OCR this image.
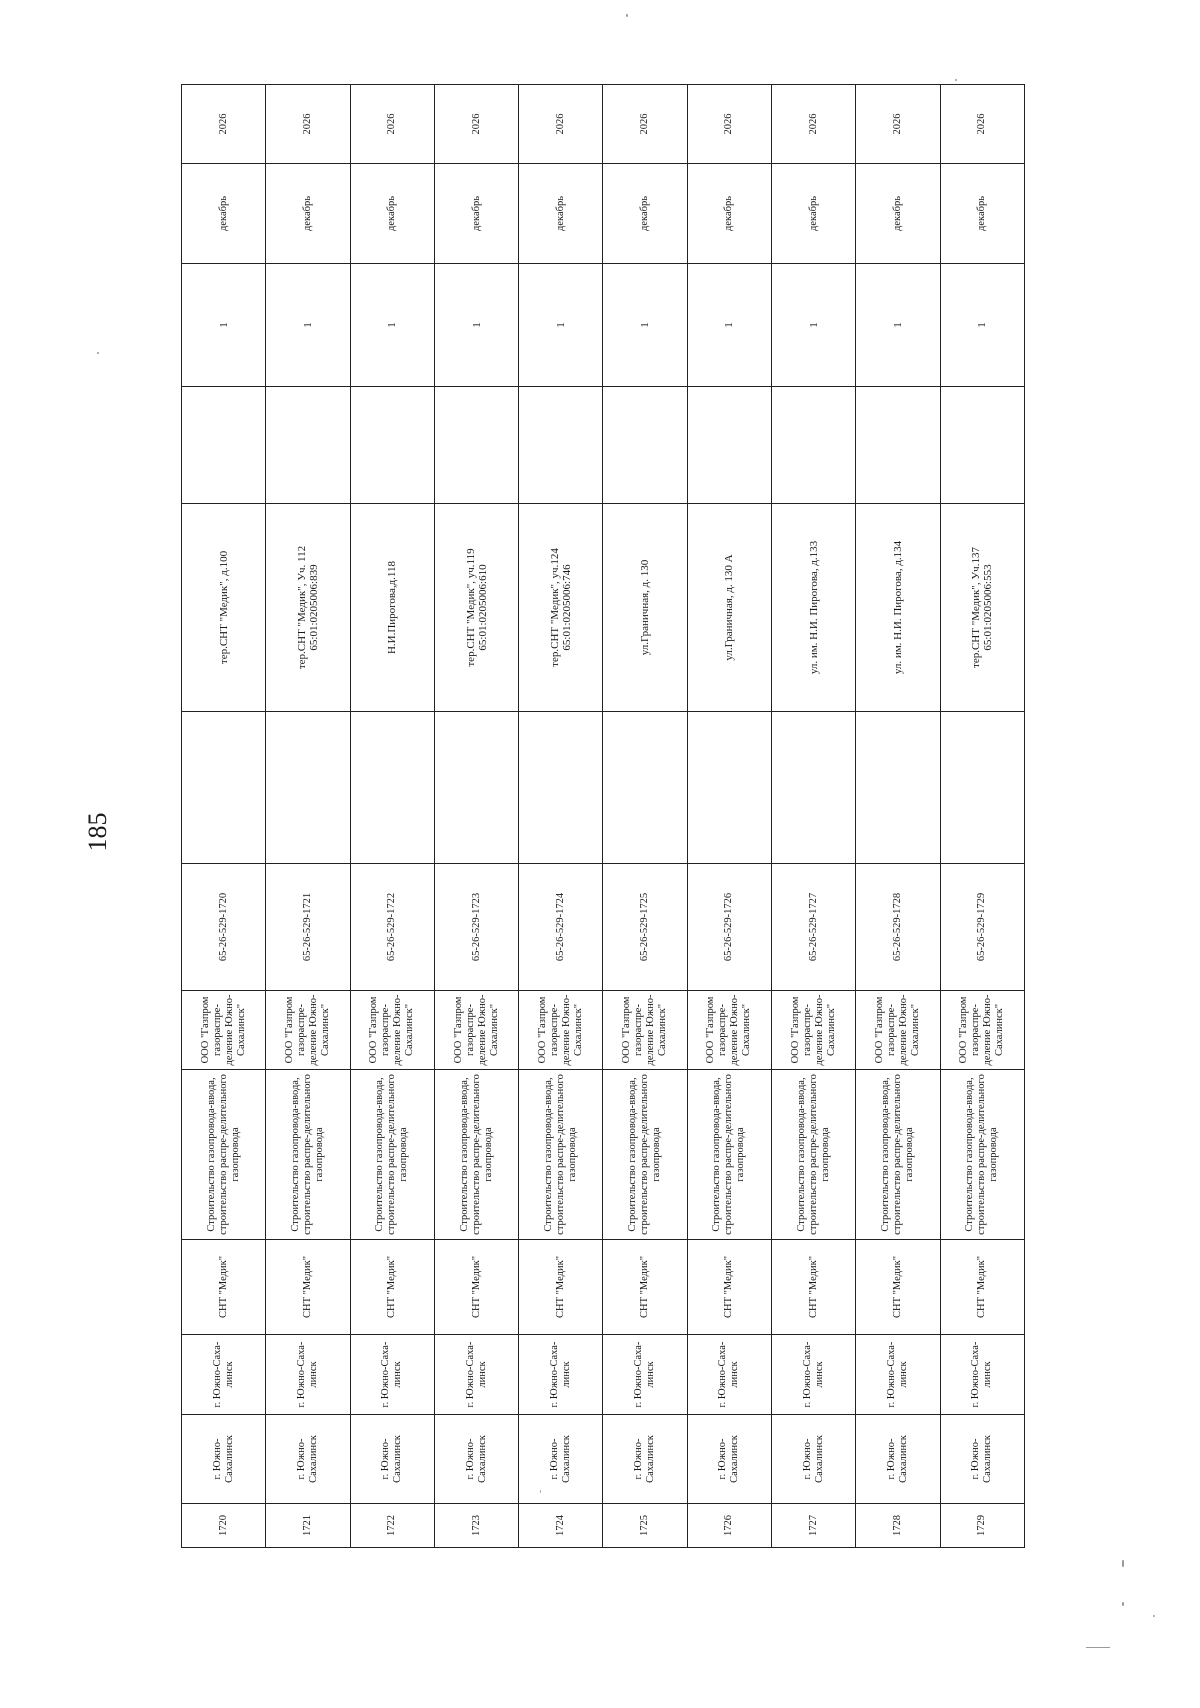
185
1720	г. Южно-Сахалинск	г. Южно-Саха-линск	СНТ "Медик"	Строительство газопровода-ввода, строительство распре-делительного газопровода	ООО "Газпром газораспре-деление Южно-Сахалинск"	65-26-529-1720		тер.СНТ "Медик", д.100		1	декабрь	2026
1721	г. Южно-Сахалинск	г. Южно-Саха-линск	СНТ "Медик"	Строительство газопровода-ввода, строительство распре-делительного газопровода	ООО "Газпром газораспре-деление Южно-Сахалинск"	65-26-529-1721		тер.СНТ "Медик", Уч. 112 65:01:0205006:839		1	декабрь	2026
1722	г. Южно-Сахалинск	г. Южно-Саха-линск	СНТ "Медик"	Строительство газопровода-ввода, строительство распре-делительного газопровода	ООО "Газпром газораспре-деление Южно-Сахалинск"	65-26-529-1722		Н.И.Пирогова,д.118		1	декабрь	2026
1723	г. Южно-Сахалинск	г. Южно-Саха-линск	СНТ "Медик"	Строительство газопровода-ввода, строительство распре-делительного газопровода	ООО "Газпром газораспре-деление Южно-Сахалинск"	65-26-529-1723		тер.СНТ "Медик", уч.119 65:01:0205006:610		1	декабрь	2026
1724	г. Южно-Сахалинск	г. Южно-Саха-линск	СНТ "Медик"	Строительство газопровода-ввода, строительство распре-делительного газопровода	ООО "Газпром газораспре-деление Южно-Сахалинск"	65-26-529-1724		тер.СНТ "Медик", уч.124 65:01:0205006:746		1	декабрь	2026
1725	г. Южно-Сахалинск	г. Южно-Саха-линск	СНТ "Медик"	Строительство газопровода-ввода, строительство распре-делительного газопровода	ООО "Газпром газораспре-деление Южно-Сахалинск"	65-26-529-1725		ул.Граничная, д. 130		1	декабрь	2026
1726	г. Южно-Сахалинск	г. Южно-Саха-линск	СНТ "Медик"	Строительство газопровода-ввода, строительство распре-делительного газопровода	ООО "Газпром газораспре-деление Южно-Сахалинск"	65-26-529-1726		ул.Граничная, д. 130 А		1	декабрь	2026
1727	г. Южно-Сахалинск	г. Южно-Саха-линск	СНТ "Медик"	Строительство газопровода-ввода, строительство распре-делительного газопровода	ООО "Газпром газораспре-деление Южно-Сахалинск"	65-26-529-1727		ул. им. Н.И. Пирогова, д.133		1	декабрь	2026
1728	г. Южно-Сахалинск	г. Южно-Саха-линск	СНТ "Медик"	Строительство газопровода-ввода, строительство распре-делительного газопровода	ООО "Газпром газораспре-деление Южно-Сахалинск"	65-26-529-1728		ул. им. Н.И. Пирогова, д.134		1	декабрь	2026
1729	г. Южно-Сахалинск	г. Южно-Саха-линск	СНТ "Медик"	Строительство газопровода-ввода, строительство распре-делительного газопровода	ООО "Газпром газораспре-деление Южно-Сахалинск"	65-26-529-1729		тер.СНТ "Медик", Уч.137 65:01:0205006:553		1	декабрь	2026
